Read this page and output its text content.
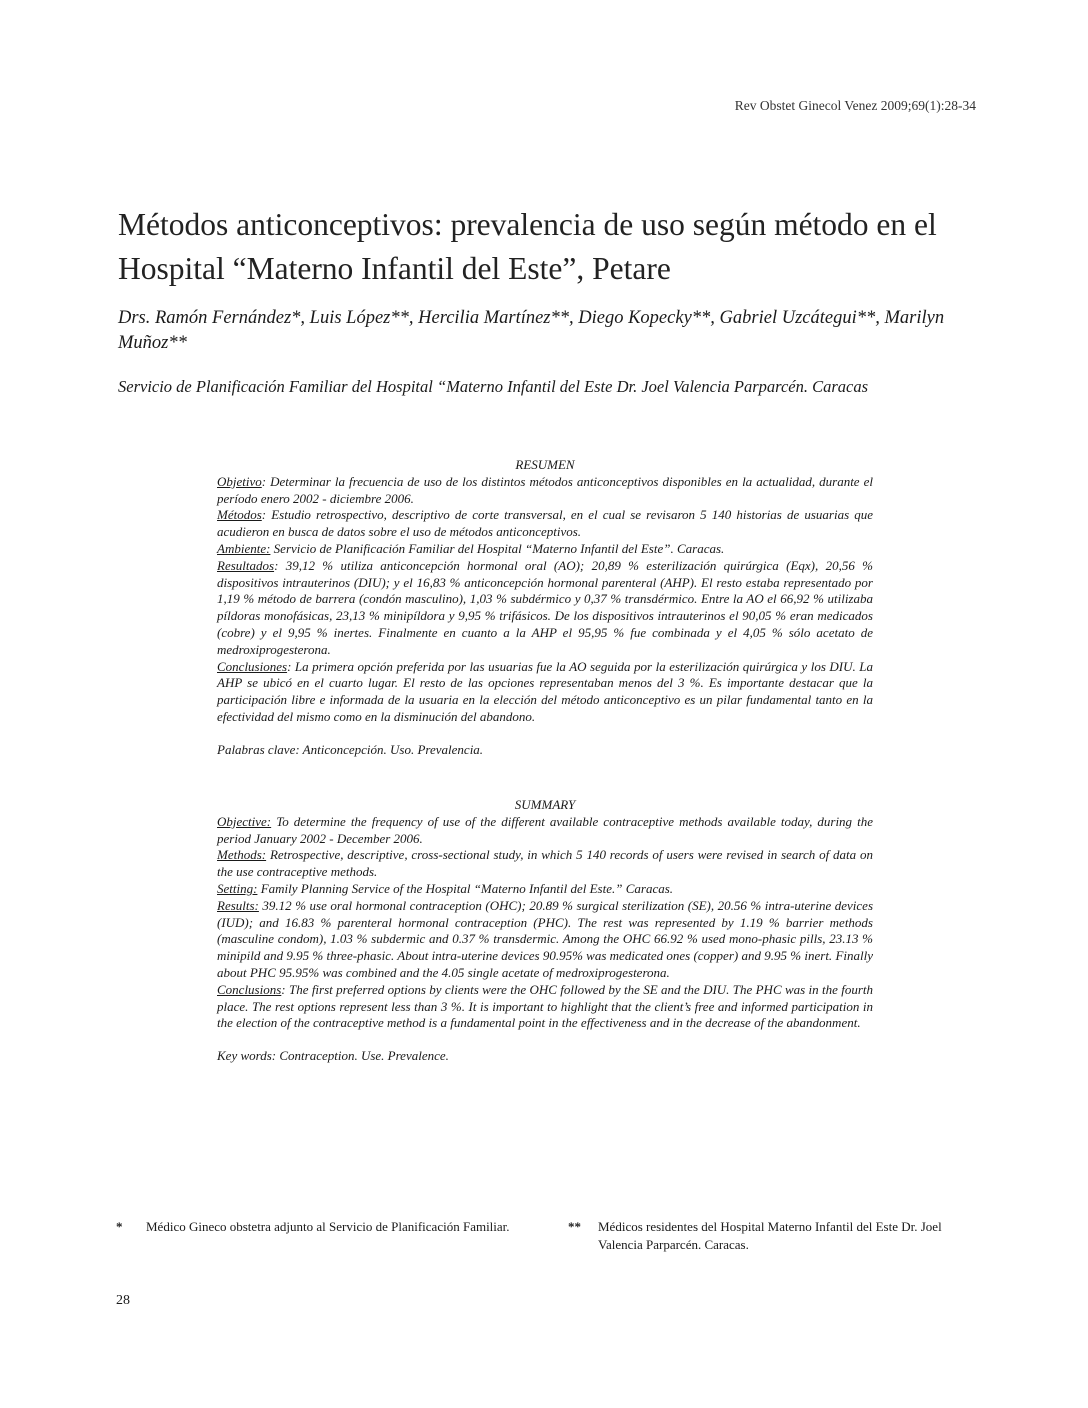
Rev Obstet Ginecol Venez 2009;69(1):28-34
Métodos anticonceptivos: prevalencia de uso según método en el Hospital “Materno Infantil del Este”, Petare

Drs. Ramón Fernández*, Luis López**, Hercilia Martínez**, Diego Kopecky**, Gabriel Uzcátegui**, Marilyn Muñoz**

Servicio de Planificación Familiar del Hospital “Materno Infantil del Este Dr. Joel Valencia Parparcén. Caracas

RESUMEN

Objetivo: Determinar la frecuencia de uso de los distintos métodos anticonceptivos disponibles en la actualidad, durante el período enero 2002 - diciembre 2006.

Métodos: Estudio retrospectivo, descriptivo de corte transversal, en el cual se revisaron 5 140 historias de usuarias que acudieron en busca de datos sobre el uso de métodos anticonceptivos.

Ambiente: Servicio de Planificación Familiar del Hospital “Materno Infantil del Este”. Caracas.

Resultados: 39,12 % utiliza anticoncepción hormonal oral (AO); 20,89 % esterilización quirúrgica (Eqx), 20,56 % dispositivos intrauterinos (DIU); y el 16,83 % anticoncepción hormonal parenteral (AHP). El resto estaba representado por 1,19 % método de barrera (condón masculino), 1,03 % subdérmico y 0,37 % transdérmico. Entre la AO el 66,92 % utilizaba píldoras monofásicas, 23,13 % minipíldora y 9,95 % trifásicos. De los dispositivos intrauterinos el 90,05 % eran medicados (cobre) y el 9,95 % inertes. Finalmente en cuanto a la AHP el 95,95 % fue combinada y el 4,05 % sólo acetato de medroxiprogesterona.

Conclusiones: La primera opción preferida por las usuarias fue la AO seguida por la esterilización quirúrgica y los DIU. La AHP se ubicó en el cuarto lugar. El resto de las opciones representaban menos del 3 %. Es importante destacar que la participación libre e informada de la usuaria en la elección del método anticonceptivo es un pilar fundamental tanto en la efectividad del mismo como en la disminución del abandono.

Palabras clave: Anticoncepción. Uso. Prevalencia.

SUMMARY

Objective: To determine the frequency of use of the different available contraceptive methods available today, during the period January 2002 - December 2006.

Methods: Retrospective, descriptive, cross-sectional study, in which 5 140 records of users were revised in search of data on the use contraceptive methods.

Setting: Family Planning Service of the Hospital “Materno Infantil del Este.” Caracas.

Results: 39.12 % use oral hormonal contraception (OHC); 20.89 % surgical sterilization (SE), 20.56 % intra-uterine devices (IUD); and 16.83 % parenteral hormonal contraception (PHC). The rest was represented by 1.19 % barrier methods (masculine condom), 1.03 % subdermic and 0.37 % transdermic. Among the OHC 66.92 % used mono-phasic pills, 23.13 % minipild and 9.95 % three-phasic. About intra-uterine devices 90.95% was medicated ones (copper) and 9.95 % inert. Finally about PHC 95.95% was combined and the 4.05 single acetate of medroxiprogesterona.

Conclusions: The first preferred options by clients were the OHC followed by the SE and the DIU. The PHC was in the fourth place. The rest options represent less than 3 %. It is important to highlight that the client’s free and informed participation in the election of the contraceptive method is a fundamental point in the effectiveness and in the decrease of the abandonment.

Key words: Contraception. Use. Prevalence.

*	Médico Gineco obstetra adjunto al Servicio de Planificación Familiar.	**	Médicos residentes del Hospital Materno Infantil del Este Dr. Joel Valencia Parparcén. Caracas.
28
